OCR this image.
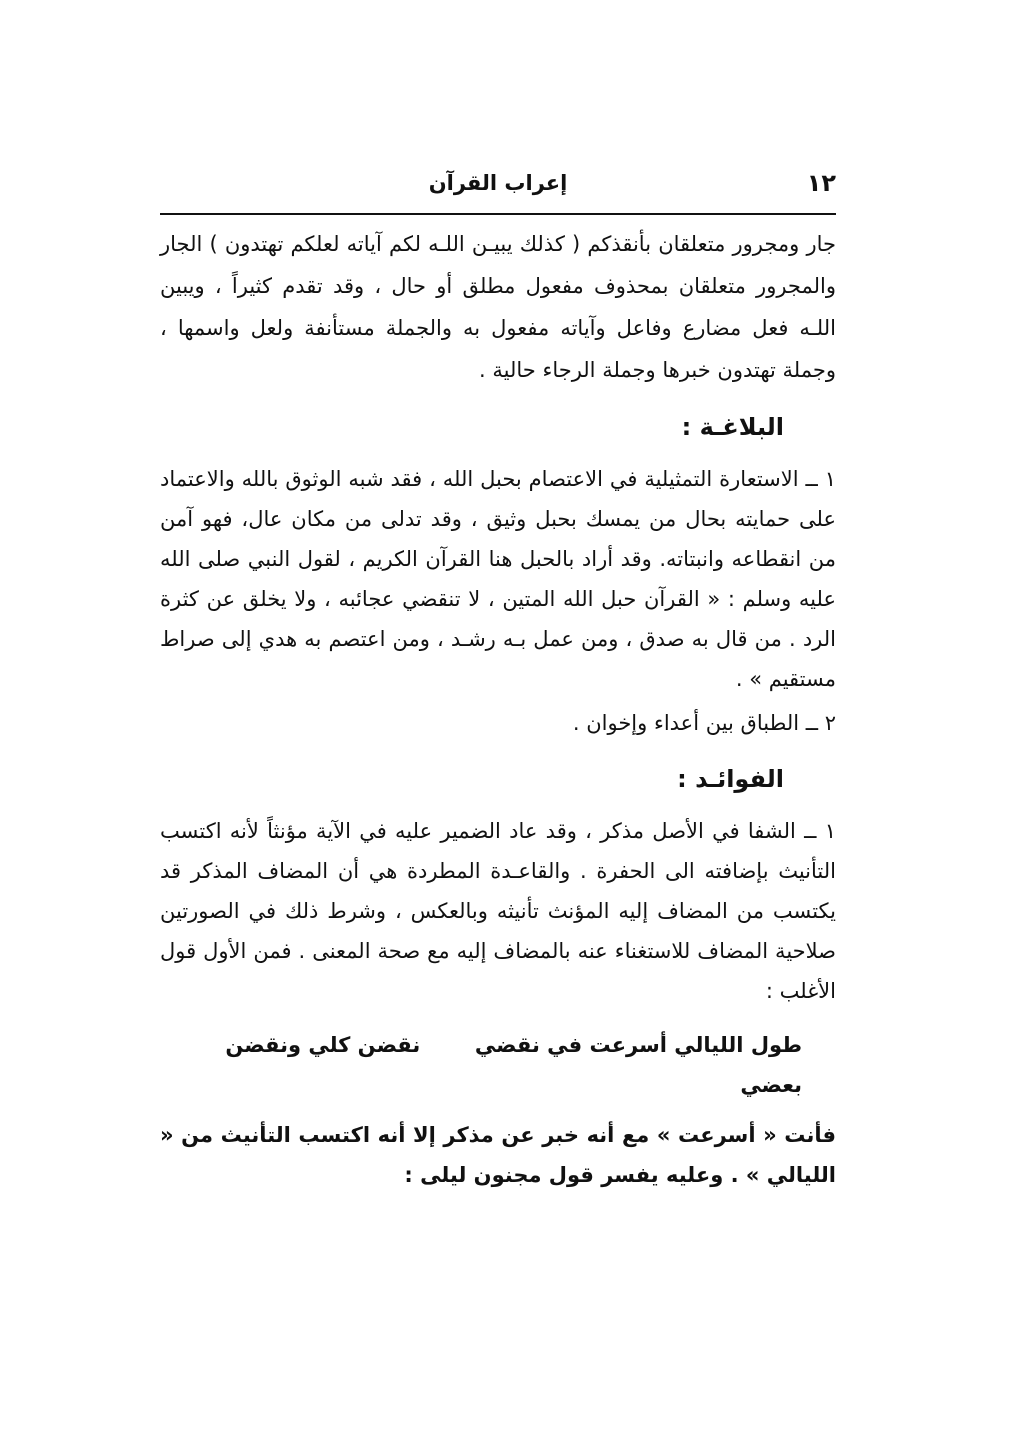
١٢
إعراب القرآن

جار ومجرور متعلقان بأنقذكم ( كذلك يبيـن اللـه لكم آياته لعلكم تهتدون ) الجار والمجرور متعلقان بمحذوف مفعول مطلق أو حال ، وقد تقدم كثيراً ، ويبين اللـه فعل مضارع وفاعل وآياته مفعول به والجملة مستأنفة ولعل واسمها ، وجملة تهتدون خبرها وجملة الرجاء حالية .

البلاغـة :

١ ــ الاستعارة التمثيلية في الاعتصام بحبل الله ، فقد شبه الوثوق بالله والاعتماد على حمايته بحال من يمسك بحبل وثيق ، وقد تدلى من مكان عال، فهو آمن من انقطاعه وانبتاته. وقد أراد بالحبل هنا القرآن الكريم ، لقول النبي صلى الله عليه وسلم : « القرآن حبل الله المتين ، لا تنقضي عجائبه ، ولا يخلق عن كثرة الرد . من قال به صدق ، ومن عمل بـه رشـد ، ومن اعتصم به هدي إلى صراط مستقيم » .

٢ ــ الطباق بين أعداء وإخوان .

الفوائـد :

١ ــ الشفا في الأصل مذكر ، وقد عاد الضمير عليه في الآية مؤنثاً لأنه اكتسب التأنيث بإضافته الى الحفرة . والقاعـدة المطردة هي أن المضاف المذكر قد يكتسب من المضاف إليه المؤنث تأنيثه وبالعكس ، وشرط ذلك في الصورتين صلاحية المضاف للاستغناء عنه بالمضاف إليه مع صحة المعنى . فمن الأول قول الأغلب :

طول الليالي أسرعت في نقضي  نقضن كلي ونقضن بعضي

فأنت « أسرعت » مع أنه خبر عن مذكر إلا أنه اكتسب التأنيث من « الليالي » . وعليه يفسر قول مجنون ليلى :
